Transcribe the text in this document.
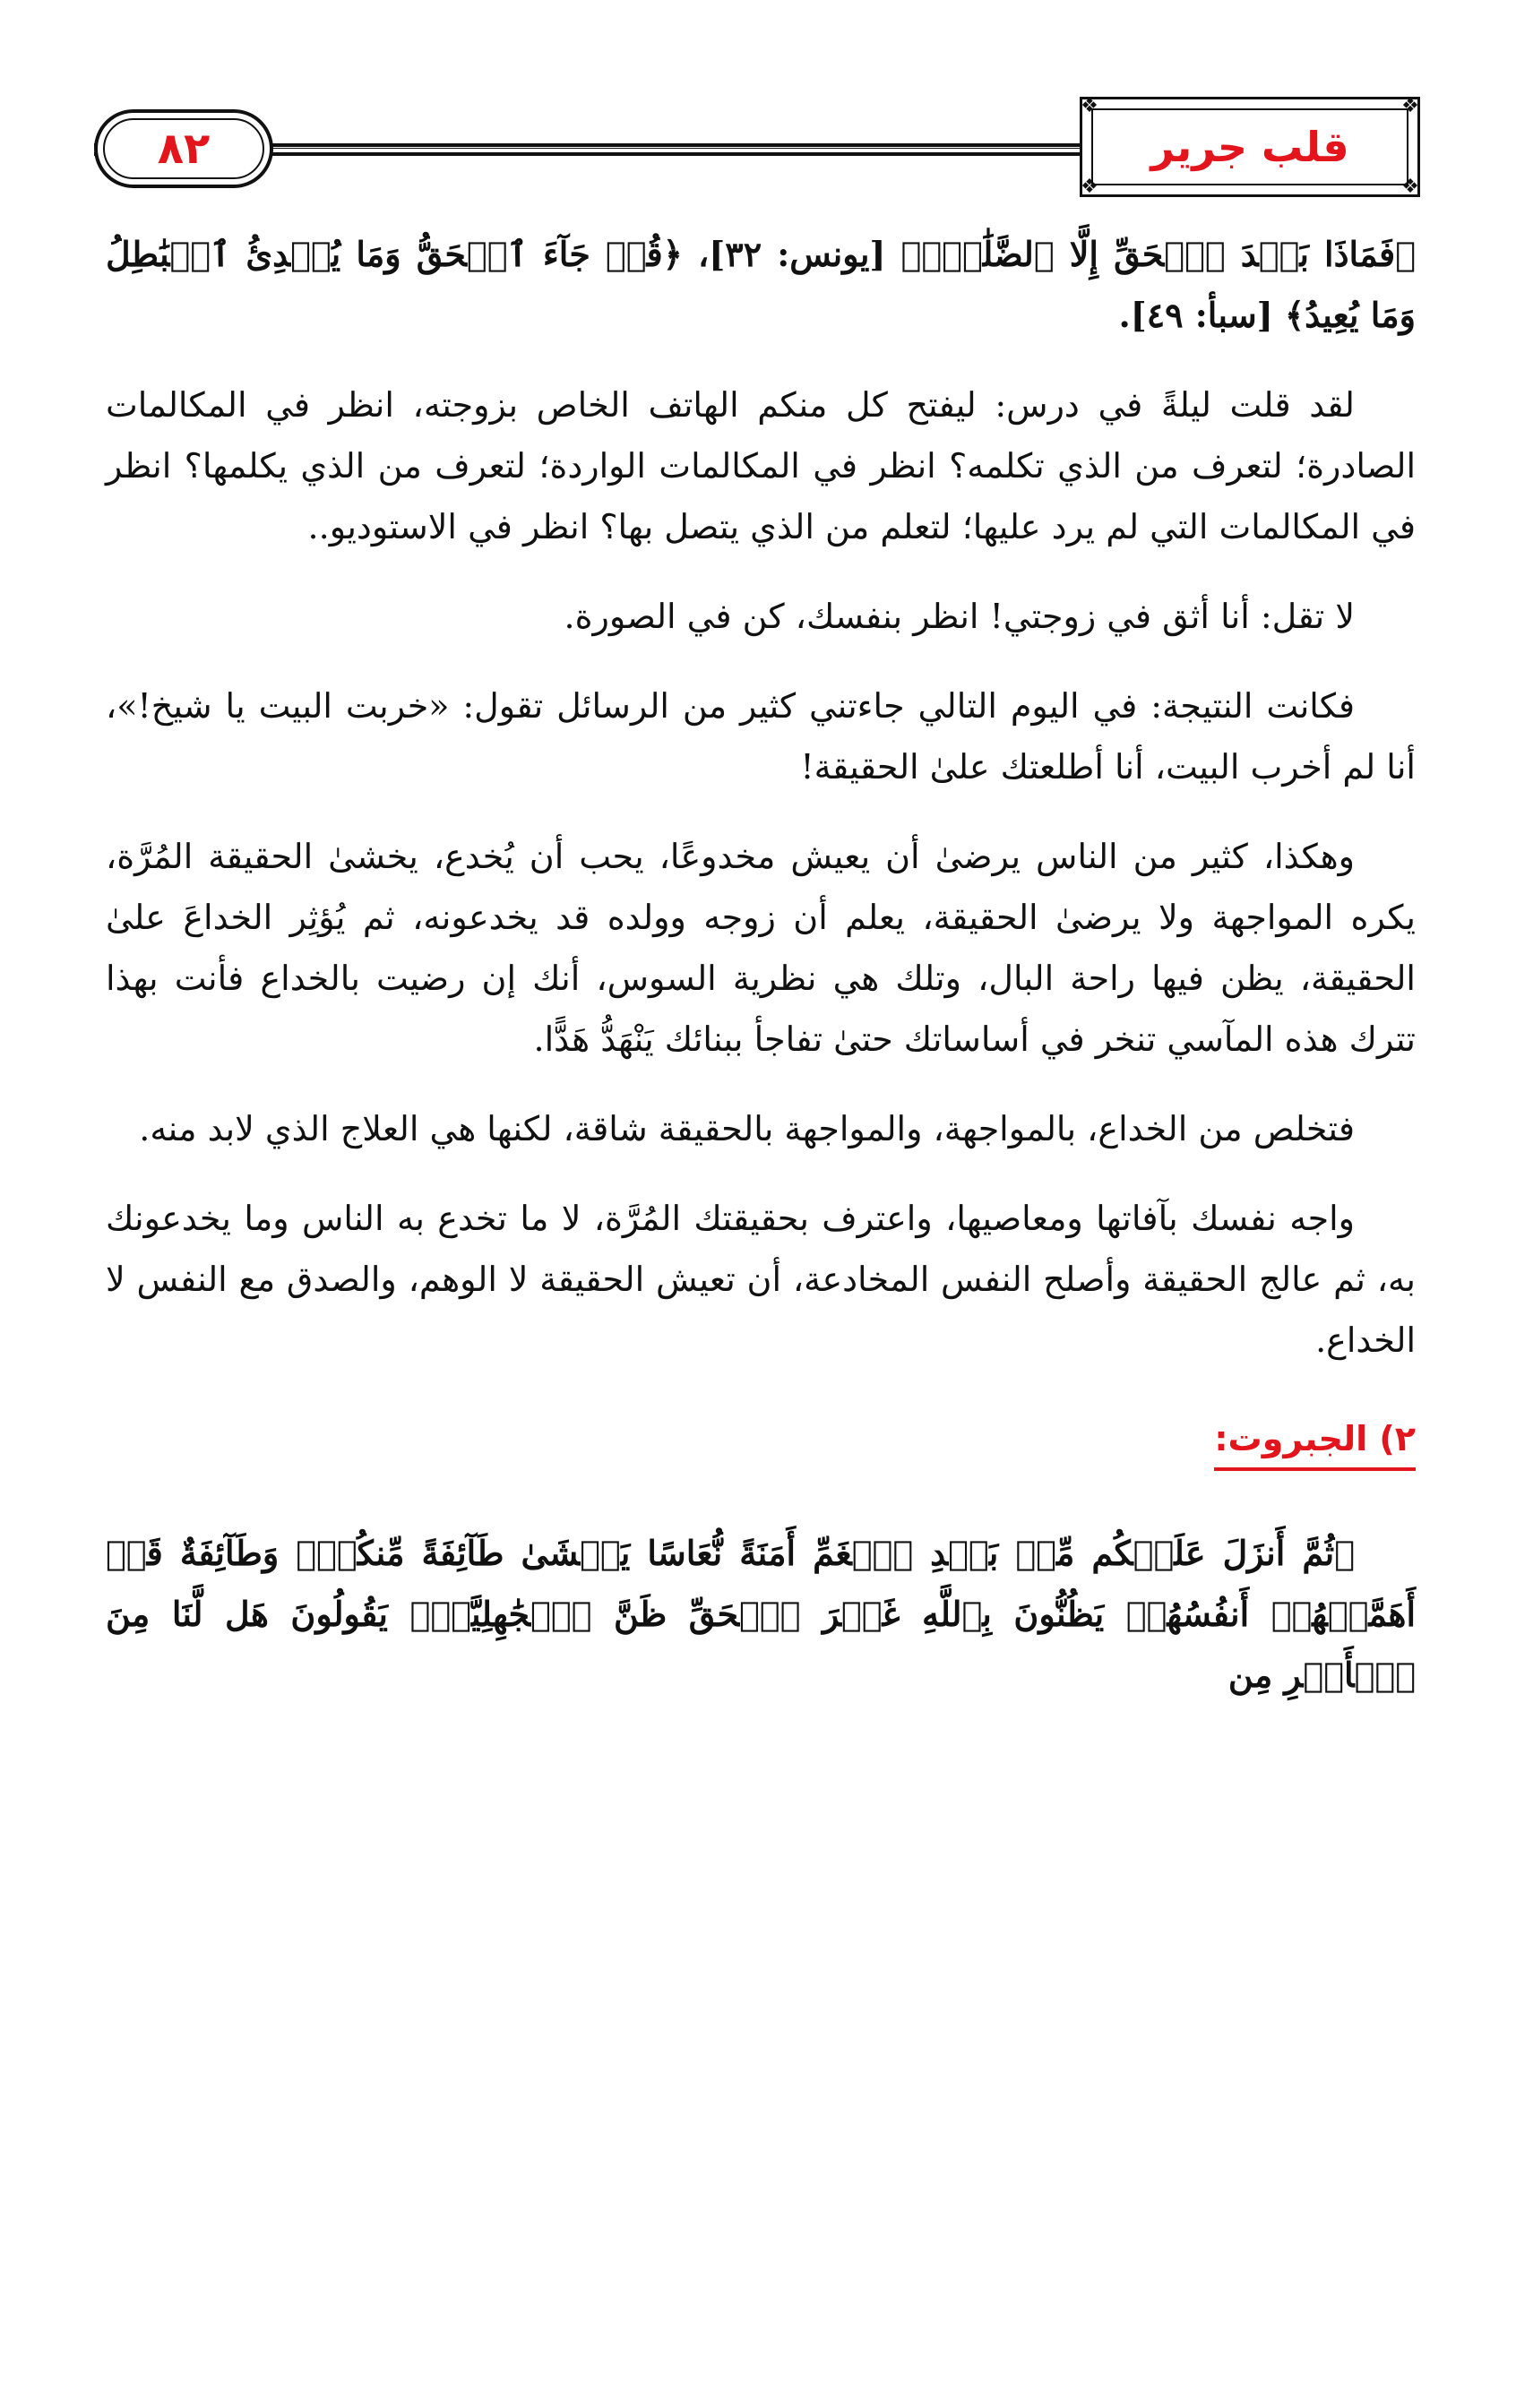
٨٢
❖	❖
❖	❖
قلب جرير

﴿فَمَاذَا بَعۡدَ ٱلۡحَقِّ إِلَّا ٱلضَّلَٰلُۖ﴾ [يونس: ٣٢]، ﴿قُلۡ جَآءَ ٱلۡحَقُّ وَمَا يُبۡدِئُ ٱلۡبَٰطِلُ وَمَا يُعِيدُ﴾ [سبأ: ٤٩].

لقد قلت ليلةً في درس: ليفتح كل منكم الهاتف الخاص بزوجته، انظر في المكالمات الصادرة؛ لتعرف من الذي تكلمه؟ انظر في المكالمات الواردة؛ لتعرف من الذي يكلمها؟ انظر في المكالمات التي لم يرد عليها؛ لتعلم من الذي يتصل بها؟ انظر في الاستوديو..

لا تقل: أنا أثق في زوجتي! انظر بنفسك، كن في الصورة.

فكانت النتيجة: في اليوم التالي جاءتني كثير من الرسائل تقول: «خربت البيت يا شيخ!»، أنا لم أخرب البيت، أنا أطلعتك علىٰ الحقيقة!

وهكذا، كثير من الناس يرضىٰ أن يعيش مخدوعًا، يحب أن يُخدع، يخشىٰ الحقيقة المُرَّة، يكره المواجهة ولا يرضىٰ الحقيقة، يعلم أن زوجه وولده قد يخدعونه، ثم يُؤثِر الخداعَ علىٰ الحقيقة، يظن فيها راحة البال، وتلك هي نظرية السوس، أنك إن رضيت بالخداع فأنت بهذا تترك هذه المآسي تنخر في أساساتك حتىٰ تفاجأ ببنائك يَنْهَدُّ هَدًّا.

فتخلص من الخداع، بالمواجهة، والمواجهة بالحقيقة شاقة، لكنها هي العلاج الذي لابد منه.

واجه نفسك بآفاتها ومعاصيها، واعترف بحقيقتك المُرَّة، لا ما تخدع به الناس وما يخدعونك به، ثم عالج الحقيقة وأصلح النفس المخادعة، أن تعيش الحقيقة لا الوهم، والصدق مع النفس لا الخداع.

٢) الجبروت:

﴿ثُمَّ أَنزَلَ عَلَيۡكُم مِّنۢ بَعۡدِ ٱلۡغَمِّ أَمَنَةً نُّعَاسًا يَغۡشَىٰ طَآئِفَةً مِّنكُمۡۖ وَطَآئِفَةٌ قَدۡ أَهَمَّتۡهُمۡ أَنفُسُهُمۡ يَظُنُّونَ بِٱللَّهِ غَيۡرَ ٱلۡحَقِّ ظَنَّ ٱلۡجَٰهِلِيَّةِۖ يَقُولُونَ هَل لَّنَا مِنَ ٱلۡأَمۡرِ مِن
